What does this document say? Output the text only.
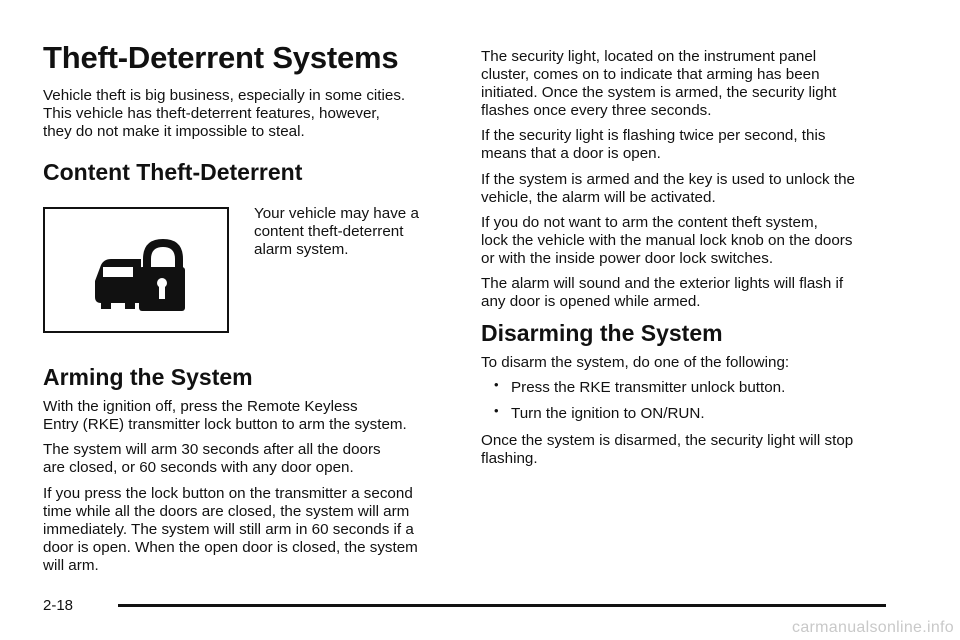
Theft-Deterrent Systems

Vehicle theft is big business, especially in some cities.

This vehicle has theft-deterrent features, however,

they do not make it impossible to steal.

Content Theft-Deterrent

Your vehicle may have a

content theft-deterrent

alarm system.

Arming the System

With the ignition off, press the Remote Keyless

Entry (RKE) transmitter lock button to arm the system.

The system will arm 30 seconds after all the doors

are closed, or 60 seconds with any door open.

If you press the lock button on the transmitter a second

time while all the doors are closed, the system will arm

immediately. The system will still arm in 60 seconds if a

door is open. When the open door is closed, the system

will arm.

The security light, located on the instrument panel

cluster, comes on to indicate that arming has been

initiated. Once the system is armed, the security light

flashes once every three seconds.

If the security light is flashing twice per second, this

means that a door is open.

If the system is armed and the key is used to unlock the

vehicle, the alarm will be activated.

If you do not want to arm the content theft system,

lock the vehicle with the manual lock knob on the doors

or with the inside power door lock switches.

The alarm will sound and the exterior lights will flash if

any door is opened while armed.

Disarming the System

To disarm the system, do one of the following:

• Press the RKE transmitter unlock button.
• Turn the ignition to ON/RUN.

Once the system is disarmed, the security light will stop

flashing.

2-18
carmanualsonline.info
